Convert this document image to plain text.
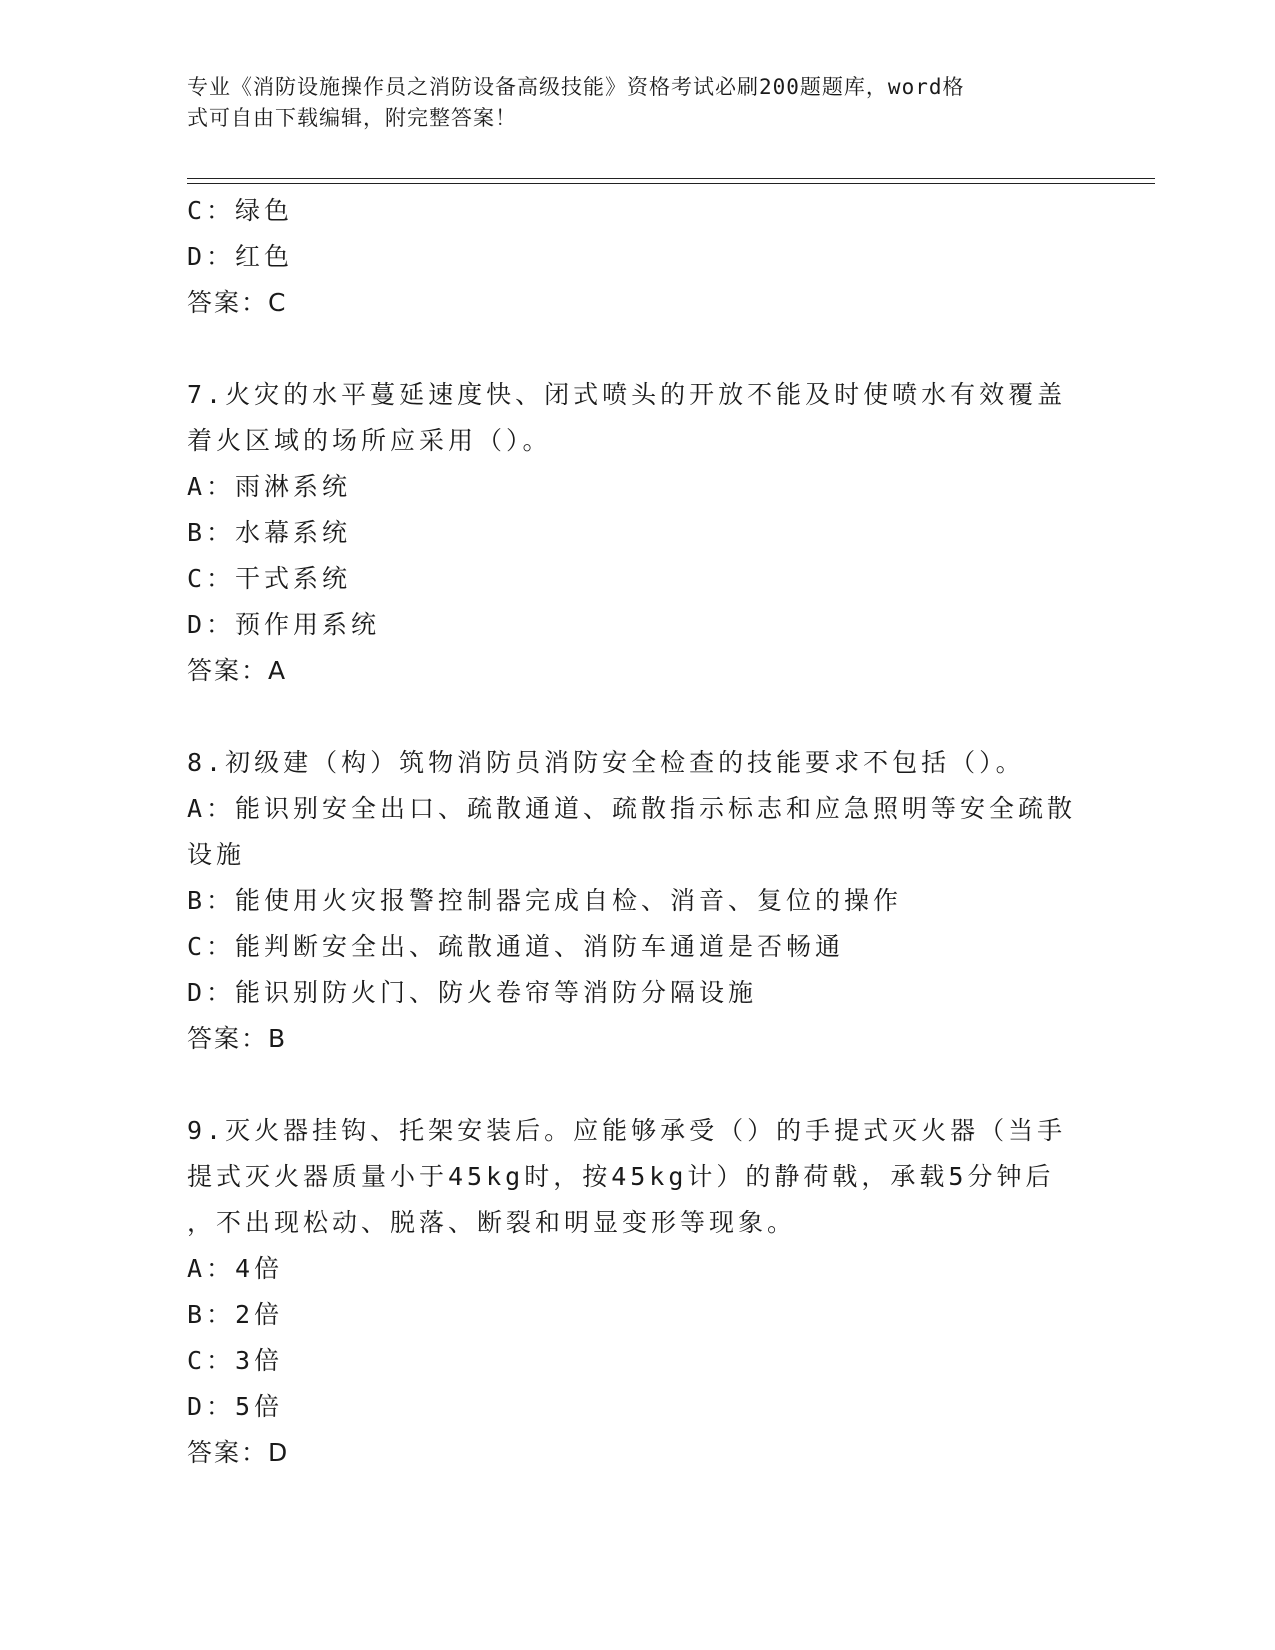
专业《消防设施操作员之消防设备高级技能》资格考试必刷200题题库，word格
式可自由下载编辑，附完整答案！
C：绿色
D：红色
答案：C
7.火灾的水平蔓延速度快、闭式喷头的开放不能及时使喷水有效覆盖
着火区域的场所应采用（）。
A：雨淋系统
B：水幕系统
C：干式系统
D：预作用系统
答案：A
8.初级建（构）筑物消防员消防安全检查的技能要求不包括（）。
A：能识别安全出口、疏散通道、疏散指示标志和应急照明等安全疏散
设施
B：能使用火灾报警控制器完成自检、消音、复位的操作
C：能判断安全出、疏散通道、消防车通道是否畅通
D：能识别防火门、防火卷帘等消防分隔设施
答案：B
9.灭火器挂钩、托架安装后。应能够承受（）的手提式灭火器（当手
提式灭火器质量小于45kg时，按45kg计）的静荷戟，承载5分钟后
，不出现松动、脱落、断裂和明显变形等现象。
A：4倍
B：2倍
C：3倍
D：5倍
答案：D
